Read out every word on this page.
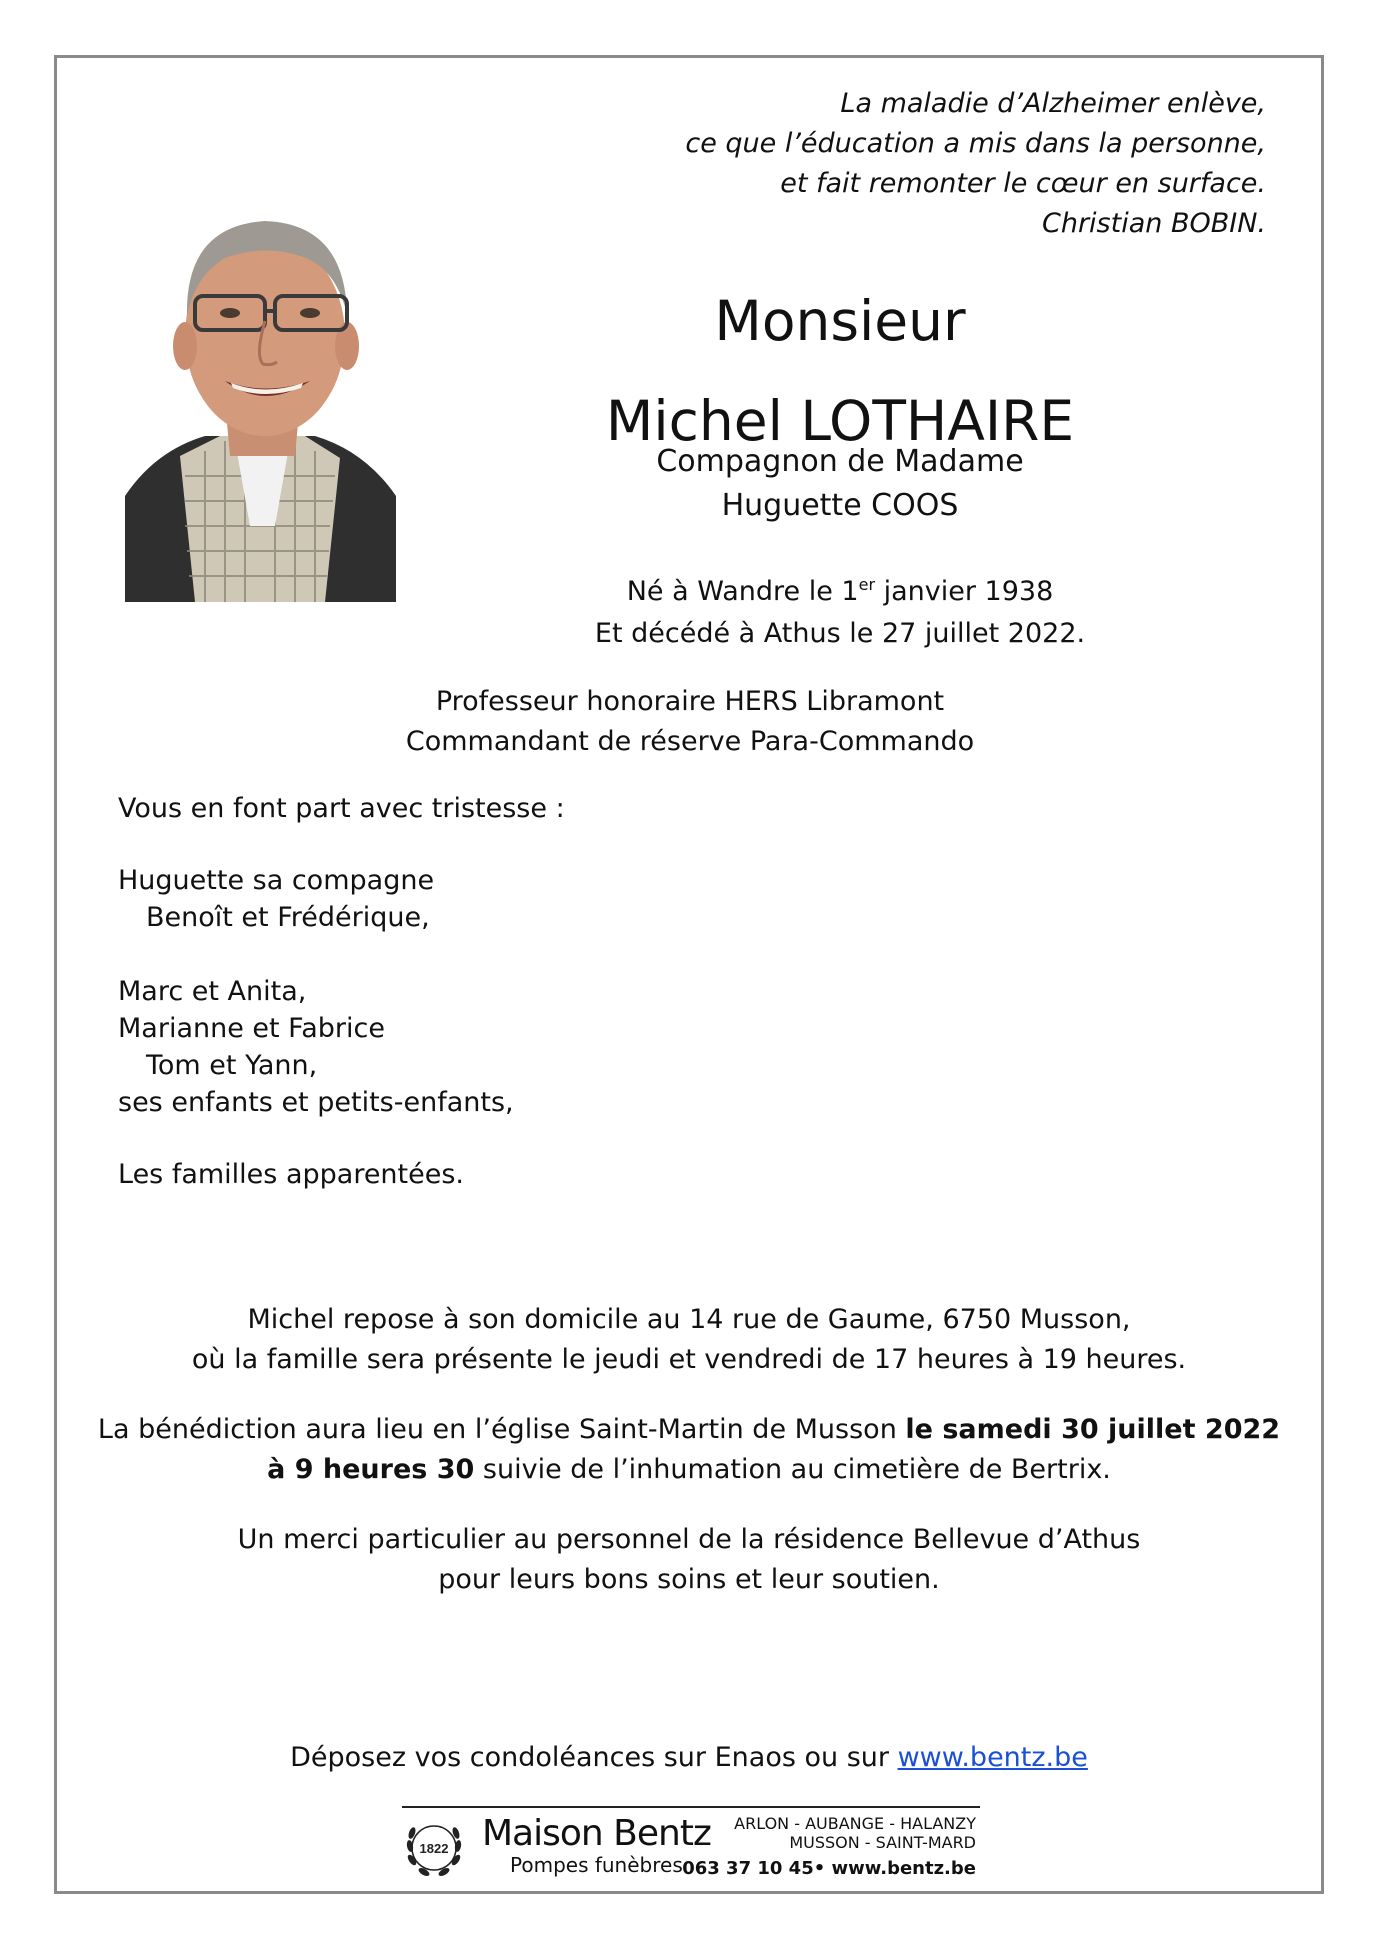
La maladie d’Alzheimer enlève,
ce que l’éducation a mis dans la personne,
et fait remonter le cœur en surface.
Christian BOBIN.
Monsieur
Michel LOTHAIRE
Compagnon de Madame
Huguette COOS
Né à Wandre le 1er janvier 1938
Et décédé à Athus le 27 juillet 2022.
Professeur honoraire HERS Libramont
Commandant de réserve Para-Commando
Vous en font part avec tristesse :
Huguette sa compagne
Benoît et Frédérique,
Marc et Anita,
Marianne et Fabrice
Tom et Yann,
ses enfants et petits-enfants,
Les familles apparentées.

Michel repose à son domicile au 14 rue de Gaume, 6750 Musson,
où la famille sera présente le jeudi et vendredi de 17 heures à 19 heures.

La bénédiction aura lieu en l’église Saint-Martin de Musson le samedi 30 juillet 2022
à 9 heures 30 suivie de l’inhumation au cimetière de Bertrix.

Un merci particulier au personnel de la résidence Bellevue d’Athus
pour leurs bons soins et leur soutien.

Déposez vos condoléances sur Enaos ou sur www.bentz.be
1822 Maison Bentz
Pompes funèbres
ARLON - AUBANGE - HALANZY
MUSSON - SAINT-MARD
063 37 10 45• www.bentz.be
